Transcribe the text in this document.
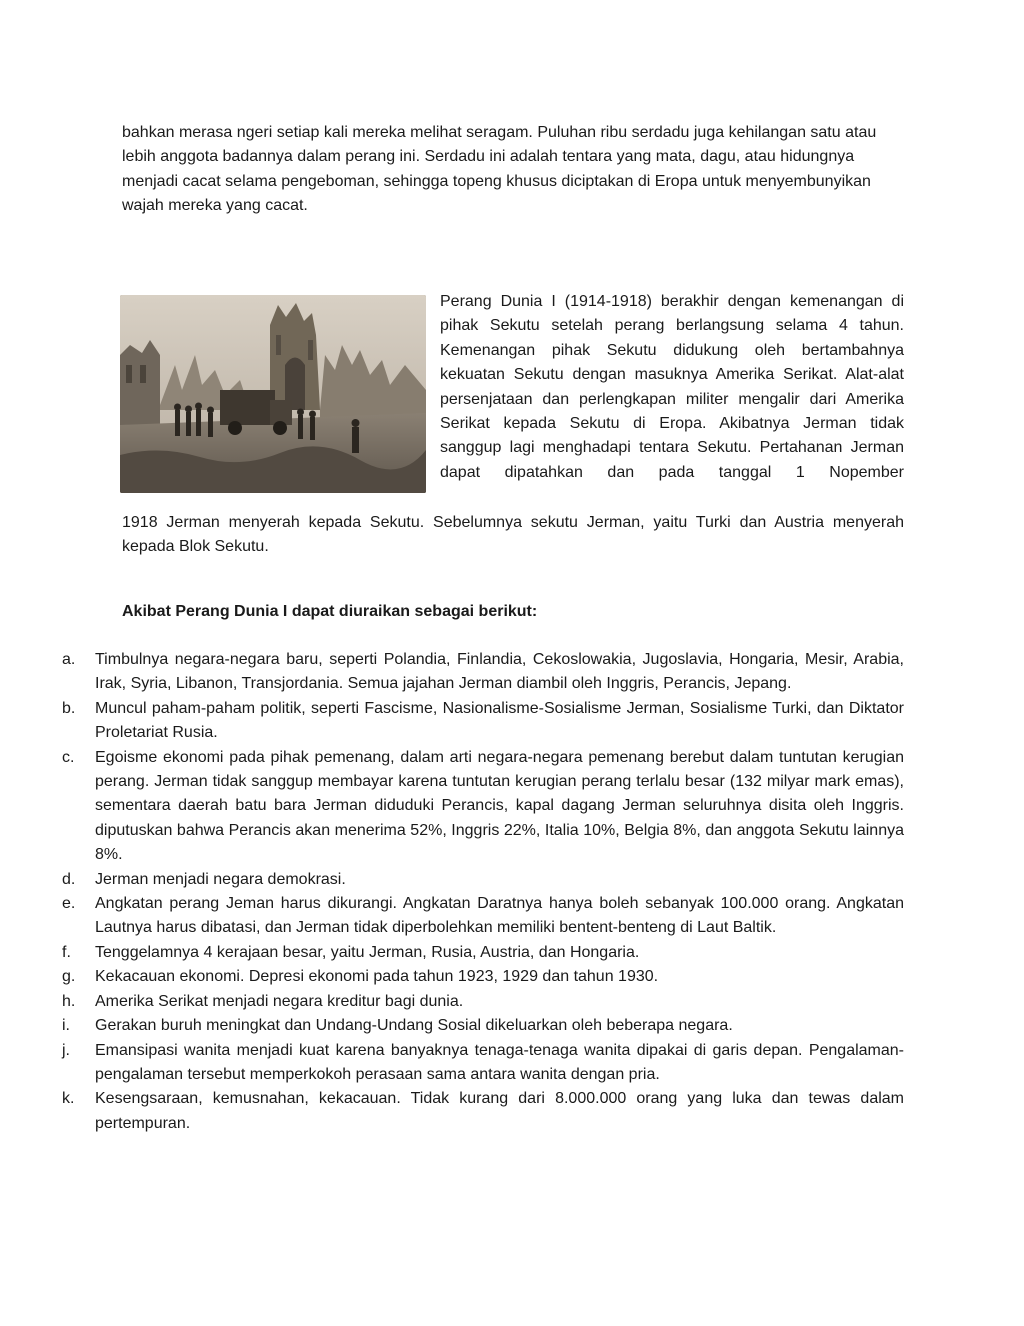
bahkan merasa ngeri setiap kali mereka melihat seragam. Puluhan ribu serdadu juga kehilangan satu atau lebih anggota badannya dalam perang ini. Serdadu ini adalah tentara yang mata, dagu, atau hidungnya menjadi cacat selama pengeboman, sehingga topeng khusus diciptakan di Eropa untuk menyembunyikan wajah mereka yang cacat.

Perang Dunia I (1914-1918) berakhir dengan kemenangan di pihak Sekutu setelah perang berlangsung selama 4 tahun. Kemenangan pihak Sekutu didukung oleh bertambahnya kekuatan Sekutu dengan masuknya Amerika Serikat. Alat-alat persenjataan dan perlengkapan militer mengalir dari Amerika Serikat kepada Sekutu di Eropa. Akibatnya Jerman tidak sanggup lagi menghadapi tentara Sekutu. Pertahanan Jerman dapat dipatahkan dan pada tanggal 1 Nopember

1918 Jerman menyerah kepada Sekutu. Sebelumnya sekutu Jerman, yaitu Turki dan Austria menyerah kepada Blok Sekutu.

Akibat Perang Dunia I dapat diuraikan sebagai berikut:

a.	Timbulnya negara-negara baru, seperti Polandia, Finlandia, Cekoslowakia, Jugoslavia, Hongaria, Mesir, Arabia, Irak, Syria, Libanon, Transjordania. Semua jajahan Jerman diambil oleh Inggris, Perancis, Jepang.
b.	Muncul paham-paham politik, seperti Fascisme, Nasionalisme-Sosialisme Jerman, Sosialisme Turki, dan Diktator Proletariat Rusia.
c.	Egoisme ekonomi pada pihak pemenang, dalam arti negara-negara pemenang berebut dalam tuntutan kerugian perang. Jerman tidak sanggup membayar karena tuntutan kerugian perang terlalu besar (132 milyar mark emas), sementara daerah batu bara Jerman diduduki Perancis, kapal dagang Jerman seluruhnya disita oleh Inggris. diputuskan bahwa Perancis akan menerima 52%, Inggris 22%, Italia 10%, Belgia 8%, dan anggota Sekutu lainnya 8%.
d.	Jerman menjadi negara demokrasi.
e.	Angkatan perang Jeman harus dikurangi. Angkatan Daratnya hanya boleh sebanyak 100.000 orang. Angkatan Lautnya harus dibatasi, dan Jerman tidak diperbolehkan memiliki bentent-benteng di Laut Baltik.
f.	Tenggelamnya 4 kerajaan besar, yaitu Jerman, Rusia, Austria, dan Hongaria.
g.	Kekacauan ekonomi. Depresi ekonomi pada tahun 1923, 1929 dan tahun 1930.
h.	Amerika Serikat menjadi negara kreditur bagi dunia.
i.	Gerakan buruh meningkat dan Undang-Undang Sosial dikeluarkan oleh beberapa negara.
j.	Emansipasi wanita menjadi kuat karena banyaknya tenaga-tenaga wanita dipakai di garis depan. Pengalaman-pengalaman tersebut memperkokoh perasaan sama antara wanita dengan pria.
k.	Kesengsaraan, kemusnahan, kekacauan. Tidak kurang dari 8.000.000 orang yang luka dan tewas dalam pertempuran.
